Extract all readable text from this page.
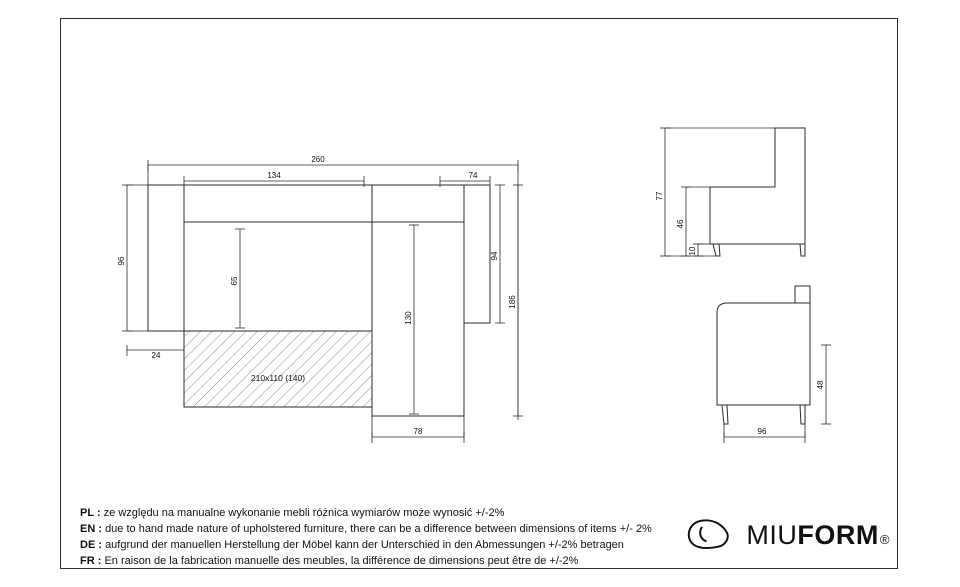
210x110 (140)
260
134	74
96
24
65
130
94
186
78
77
46
10
48
96
PL : ze względu na manualne wykonanie mebli różnica wymiarów może wynosić +/-2%
EN : due to hand made nature of upholstered furniture, there can be a difference between dimensions of items +/- 2%
DE : aufgrund der manuellen Herstellung der Möbel kann der Unterschied in den Abmessungen +/-2% betragen
FR : En raison de la fabrication manuelle des meubles, la différence de dimensions peut être de +/-2%
M IU FORM ®
